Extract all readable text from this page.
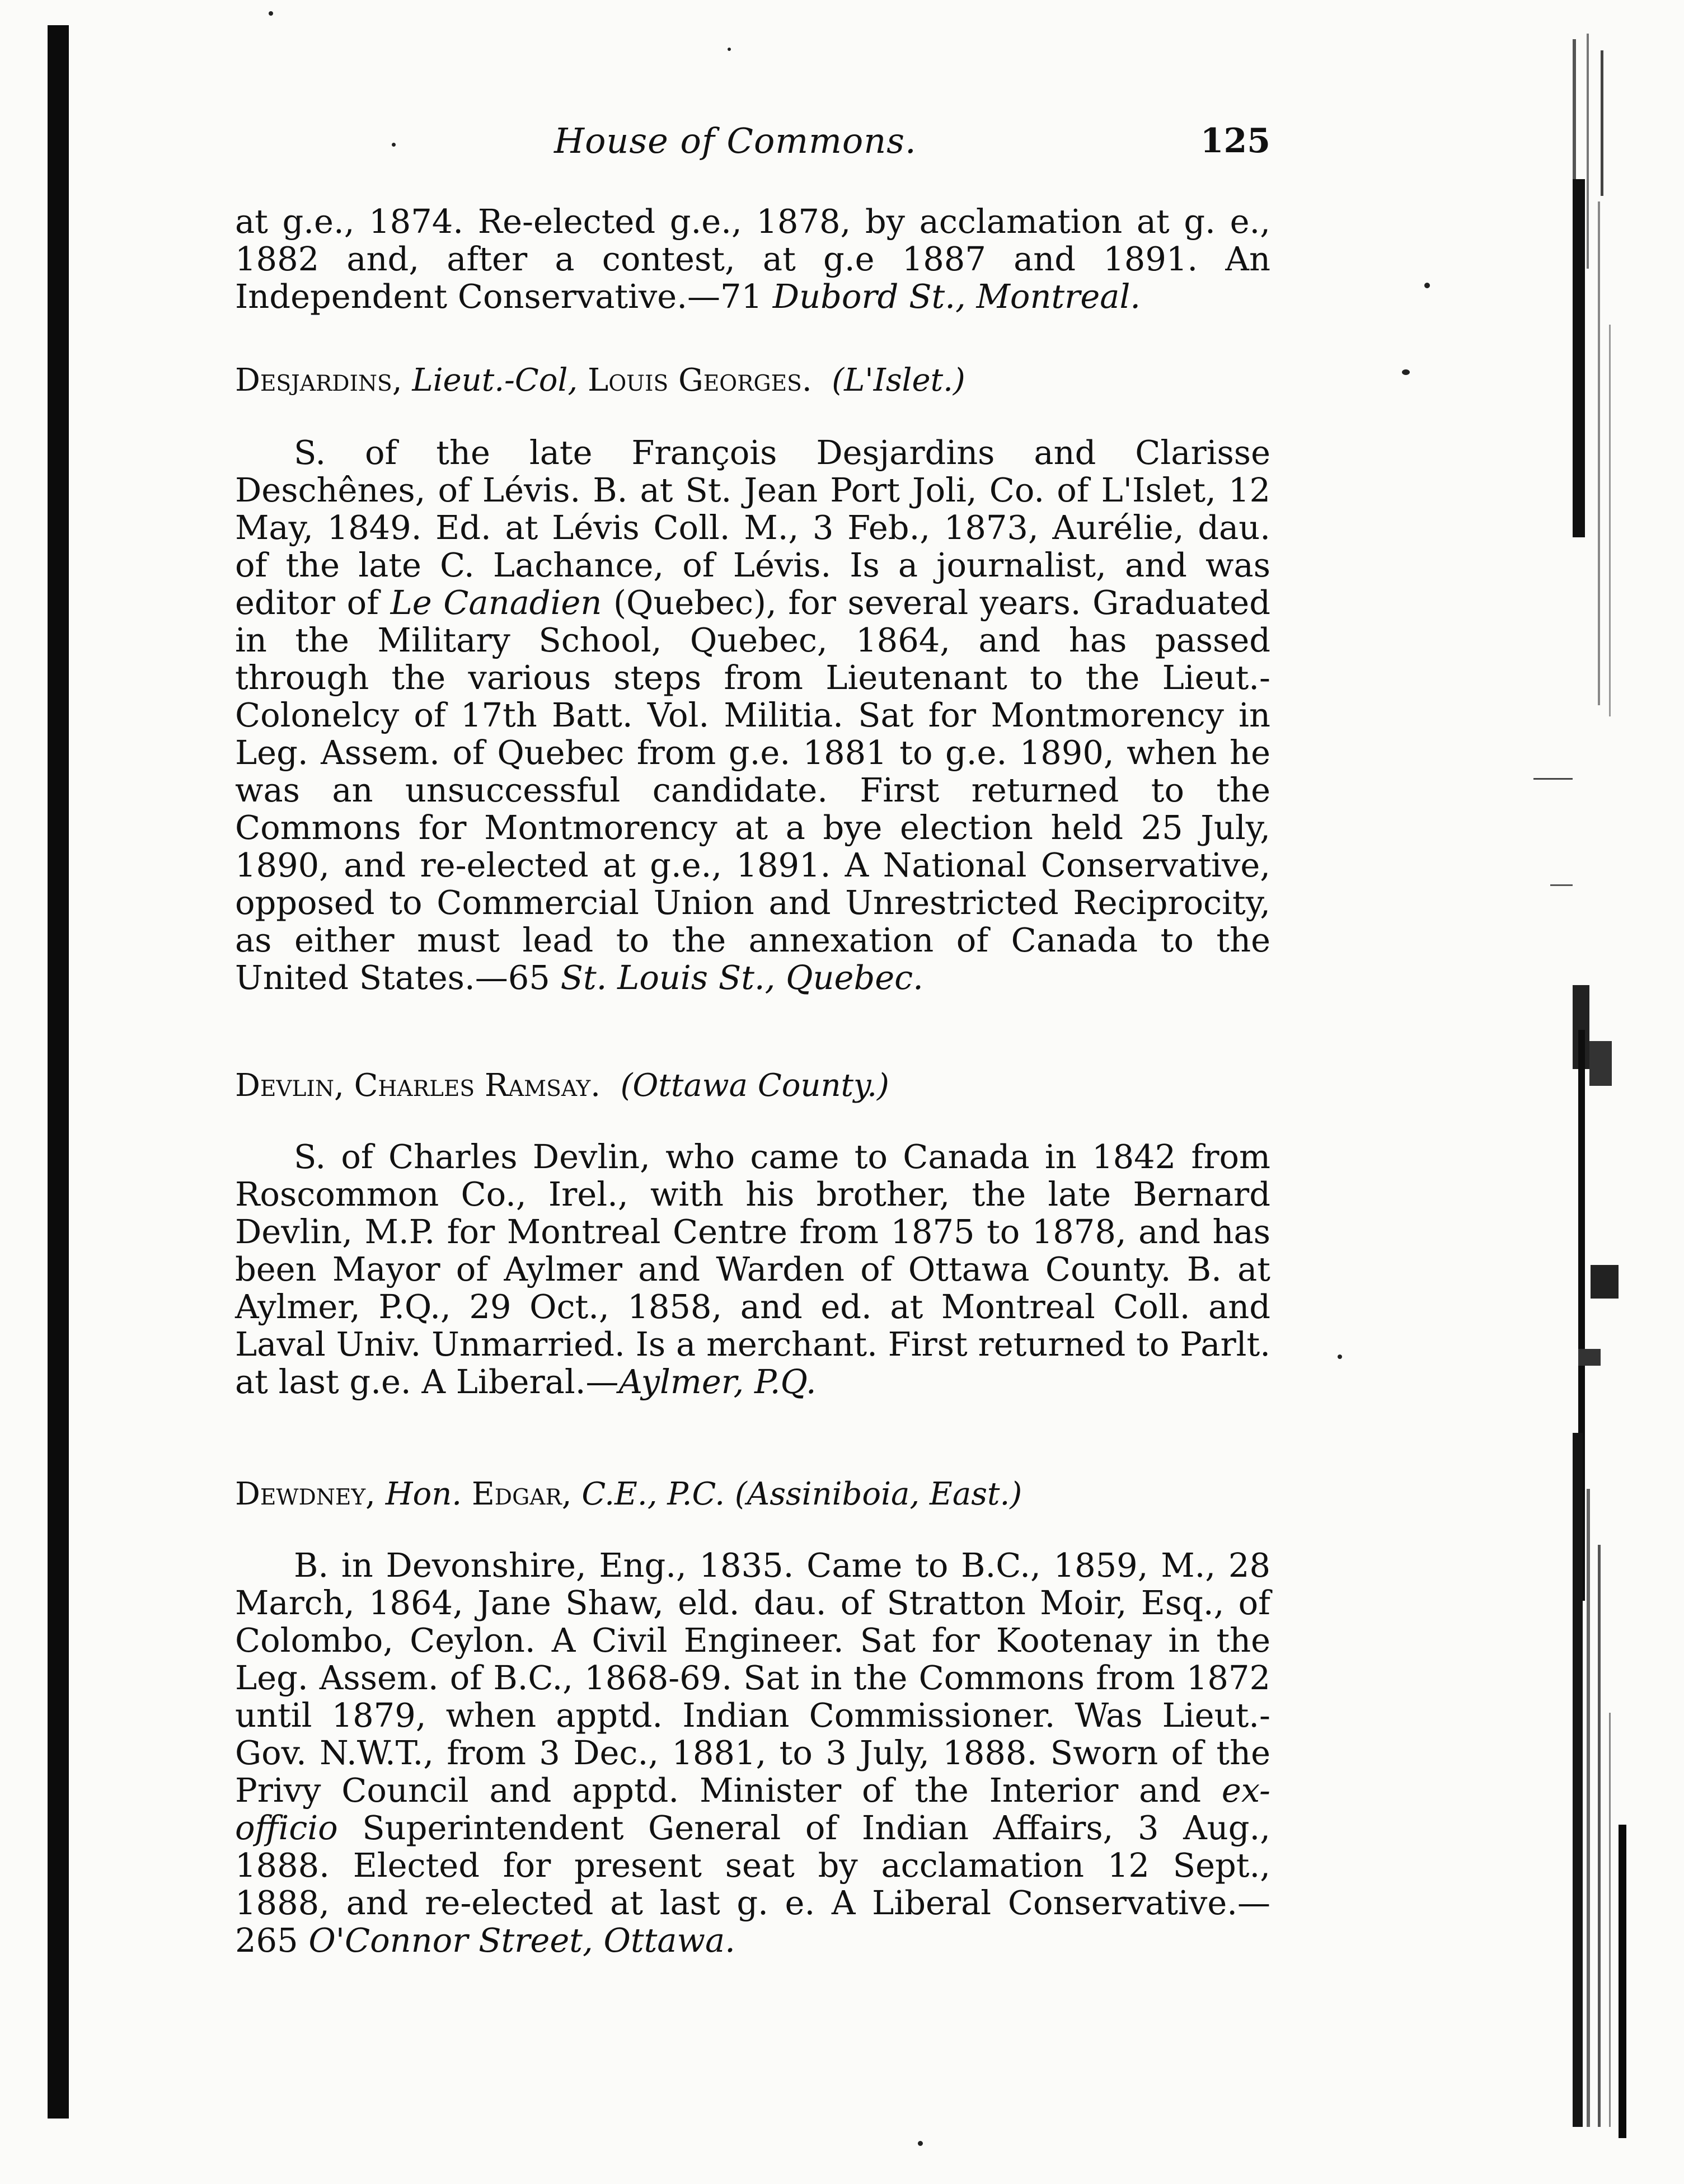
House of Commons.	125

at g.e., 1874. Re-elected g.e., 1878, by acclamation at g. e., 1882 and, after a contest, at g.e 1887 and 1891. An Independent Conservative.—71 Dubord St., Montreal.

Desjardins, Lieut.-Col, Louis Georges. (L'Islet.)

S. of the late François Desjardins and Clarisse Deschênes, of Lévis. B. at St. Jean Port Joli, Co. of L'Islet, 12 May, 1849. Ed. at Lévis Coll. M., 3 Feb., 1873, Aurélie, dau. of the late C. Lachance, of Lévis. Is a journalist, and was editor of Le Canadien (Quebec), for several years. Graduated in the Military School, Quebec, 1864, and has passed through the various steps from Lieutenant to the Lieut.-Colonelcy of 17th Batt. Vol. Militia. Sat for Montmorency in Leg. Assem. of Quebec from g.e. 1881 to g.e. 1890, when he was an unsuccessful candidate. First returned to the Commons for Montmorency at a bye election held 25 July, 1890, and re-elected at g.e., 1891. A National Conservative, opposed to Commercial Union and Unrestricted Reciprocity, as either must lead to the annexation of Canada to the United States.—65 St. Louis St., Quebec.

Devlin, Charles Ramsay. (Ottawa County.)

S. of Charles Devlin, who came to Canada in 1842 from Roscommon Co., Irel., with his brother, the late Bernard Devlin, M.P. for Montreal Centre from 1875 to 1878, and has been Mayor of Aylmer and Warden of Ottawa County. B. at Aylmer, P.Q., 29 Oct., 1858, and ed. at Montreal Coll. and Laval Univ. Unmarried. Is a merchant. First returned to Parlt. at last g.e. A Liberal.—Aylmer, P.Q.

Dewdney, Hon. Edgar, C.E., P.C. (Assiniboia, East.)

B. in Devonshire, Eng., 1835. Came to B.C., 1859, M., 28 March, 1864, Jane Shaw, eld. dau. of Stratton Moir, Esq., of Colombo, Ceylon. A Civil Engineer. Sat for Kootenay in the Leg. Assem. of B.C., 1868-69. Sat in the Commons from 1872 until 1879, when apptd. Indian Commissioner. Was Lieut.-Gov. N.W.T., from 3 Dec., 1881, to 3 July, 1888. Sworn of the Privy Council and apptd. Minister of the Interior and ex-officio Superintendent General of Indian Affairs, 3 Aug., 1888. Elected for present seat by acclamation 12 Sept., 1888, and re-elected at last g. e. A Liberal Conservative.—265 O'Connor Street, Ottawa.
